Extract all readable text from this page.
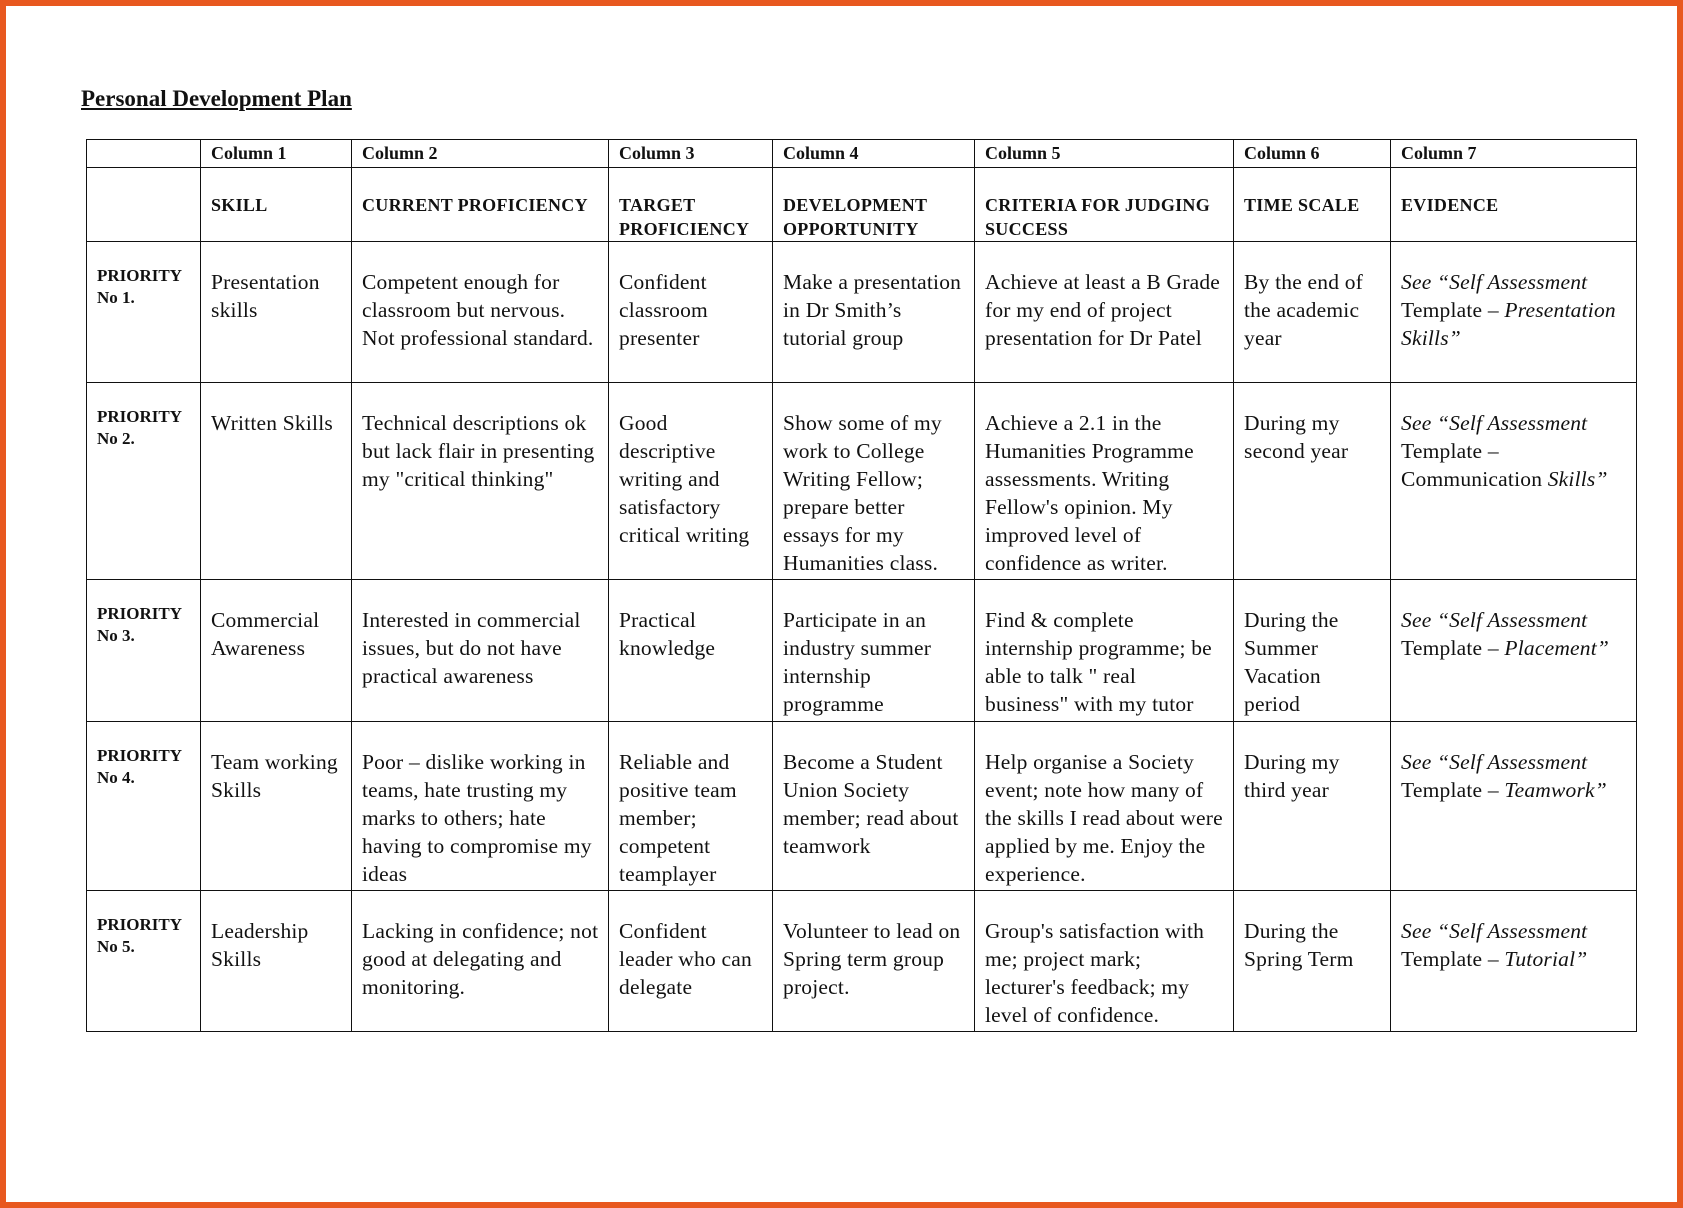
Personal Development Plan
	Column 1	Column 2	Column 3	Column 4	Column 5	Column 6	Column 7
	SKILL	CURRENT PROFICIENCY	TARGET PROFICIENCY	DEVELOPMENT OPPORTUNITY	CRITERIA FOR JUDGING SUCCESS	TIME SCALE	EVIDENCE

PRIORITY
No 1.	Presentation skills	Competent enough for classroom but nervous. Not professional standard.	Confident classroom presenter	Make a presentation in Dr Smith’s tutorial group	Achieve at least a B Grade for my end of project presentation for Dr Patel	By the end of the academic year	See “Self Assessment Template – Presentation Skills”

PRIORITY
No 2.	Written Skills	Technical descriptions ok but lack flair in presenting my "critical thinking"	Good descriptive writing and satisfactory critical writing	Show some of my work to College Writing Fellow; prepare better essays for my Humanities class.	Achieve a 2.1 in the Humanities Programme assessments. Writing Fellow's opinion. My improved level of confidence as writer.	During my second year	See “Self Assessment Template – Communication Skills”

PRIORITY
No 3.	Commercial Awareness	Interested in commercial issues, but do not have practical awareness	Practical knowledge	Participate in an industry summer internship programme	Find & complete internship programme; be able to talk " real business" with my tutor	During the Summer Vacation period	See “Self Assessment Template – Placement”

PRIORITY
No 4.	Team working Skills	Poor – dislike working in teams, hate trusting my marks to others; hate having to compromise my ideas	Reliable and positive team member; competent teamplayer	Become a Student Union Society member; read about teamwork	Help organise a Society event; note how many of the skills I read about were applied by me. Enjoy the experience.	During my third year	See “Self Assessment Template – Teamwork”

PRIORITY
No 5.	Leadership Skills	Lacking in confidence; not good at delegating and monitoring.	Confident leader who can delegate	Volunteer to lead on Spring term group project.	Group's satisfaction with me; project mark; lecturer's feedback; my level of confidence.	During the Spring Term	See “Self Assessment Template – Tutorial”
